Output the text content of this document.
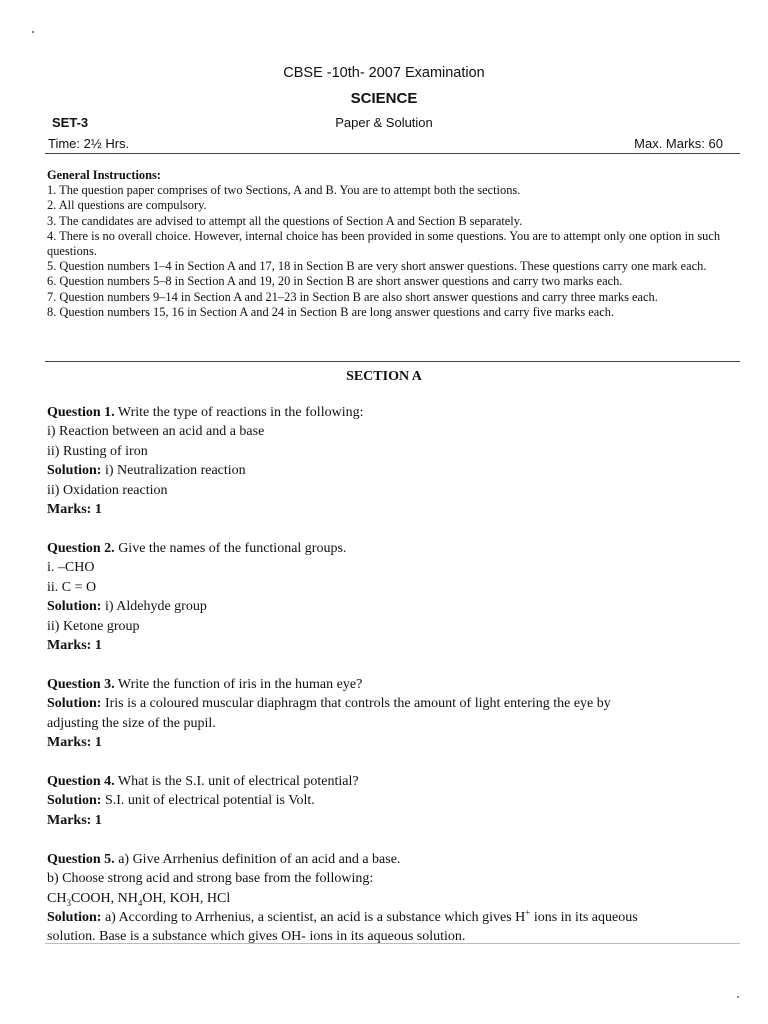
CBSE -10th- 2007 Examination
SCIENCE
SET-3	Paper & Solution
Time: 2½ Hrs.	Max. Marks: 60

General Instructions:

1. The question paper comprises of two Sections, A and B. You are to attempt both the sections.

2. All questions are compulsory.

3. The candidates are advised to attempt all the questions of Section A and Section B separately.

4. There is no overall choice. However, internal choice has been provided in some questions. You are to attempt only one option in such questions.

5. Question numbers 1–4 in Section A and 17, 18 in Section B are very short answer questions. These questions carry one mark each.

6. Question numbers 5–8 in Section A and 19, 20 in Section B are short answer questions and carry two marks each.

7. Question numbers 9–14 in Section A and 21–23 in Section B are also short answer questions and carry three marks each.

8. Question numbers 15, 16 in Section A and 24 in Section B are long answer questions and carry five marks each.

SECTION A

Question 1. Write the type of reactions in the following:

i) Reaction between an acid and a base

ii) Rusting of iron

Solution: i) Neutralization reaction

ii) Oxidation reaction

Marks: 1

Question 2. Give the names of the functional groups.

i. –CHO

ii. C = O

Solution: i) Aldehyde group

ii) Ketone group

Marks: 1

Question 3. Write the function of iris in the human eye?

Solution: Iris is a coloured muscular diaphragm that controls the amount of light entering the eye by

adjusting the size of the pupil.

Marks: 1

Question 4. What is the S.I. unit of electrical potential?

Solution: S.I. unit of electrical potential is Volt.

Marks: 1

Question 5. a) Give Arrhenius definition of an acid and a base.

b) Choose strong acid and strong base from the following:

$CH_3COOH$, $NH_4OH$, KOH, HCl

Solution: a) According to Arrhenius, a scientist, an acid is a substance which gives H+ ions in its aqueous

solution. Base is a substance which gives OH- ions in its aqueous solution.
